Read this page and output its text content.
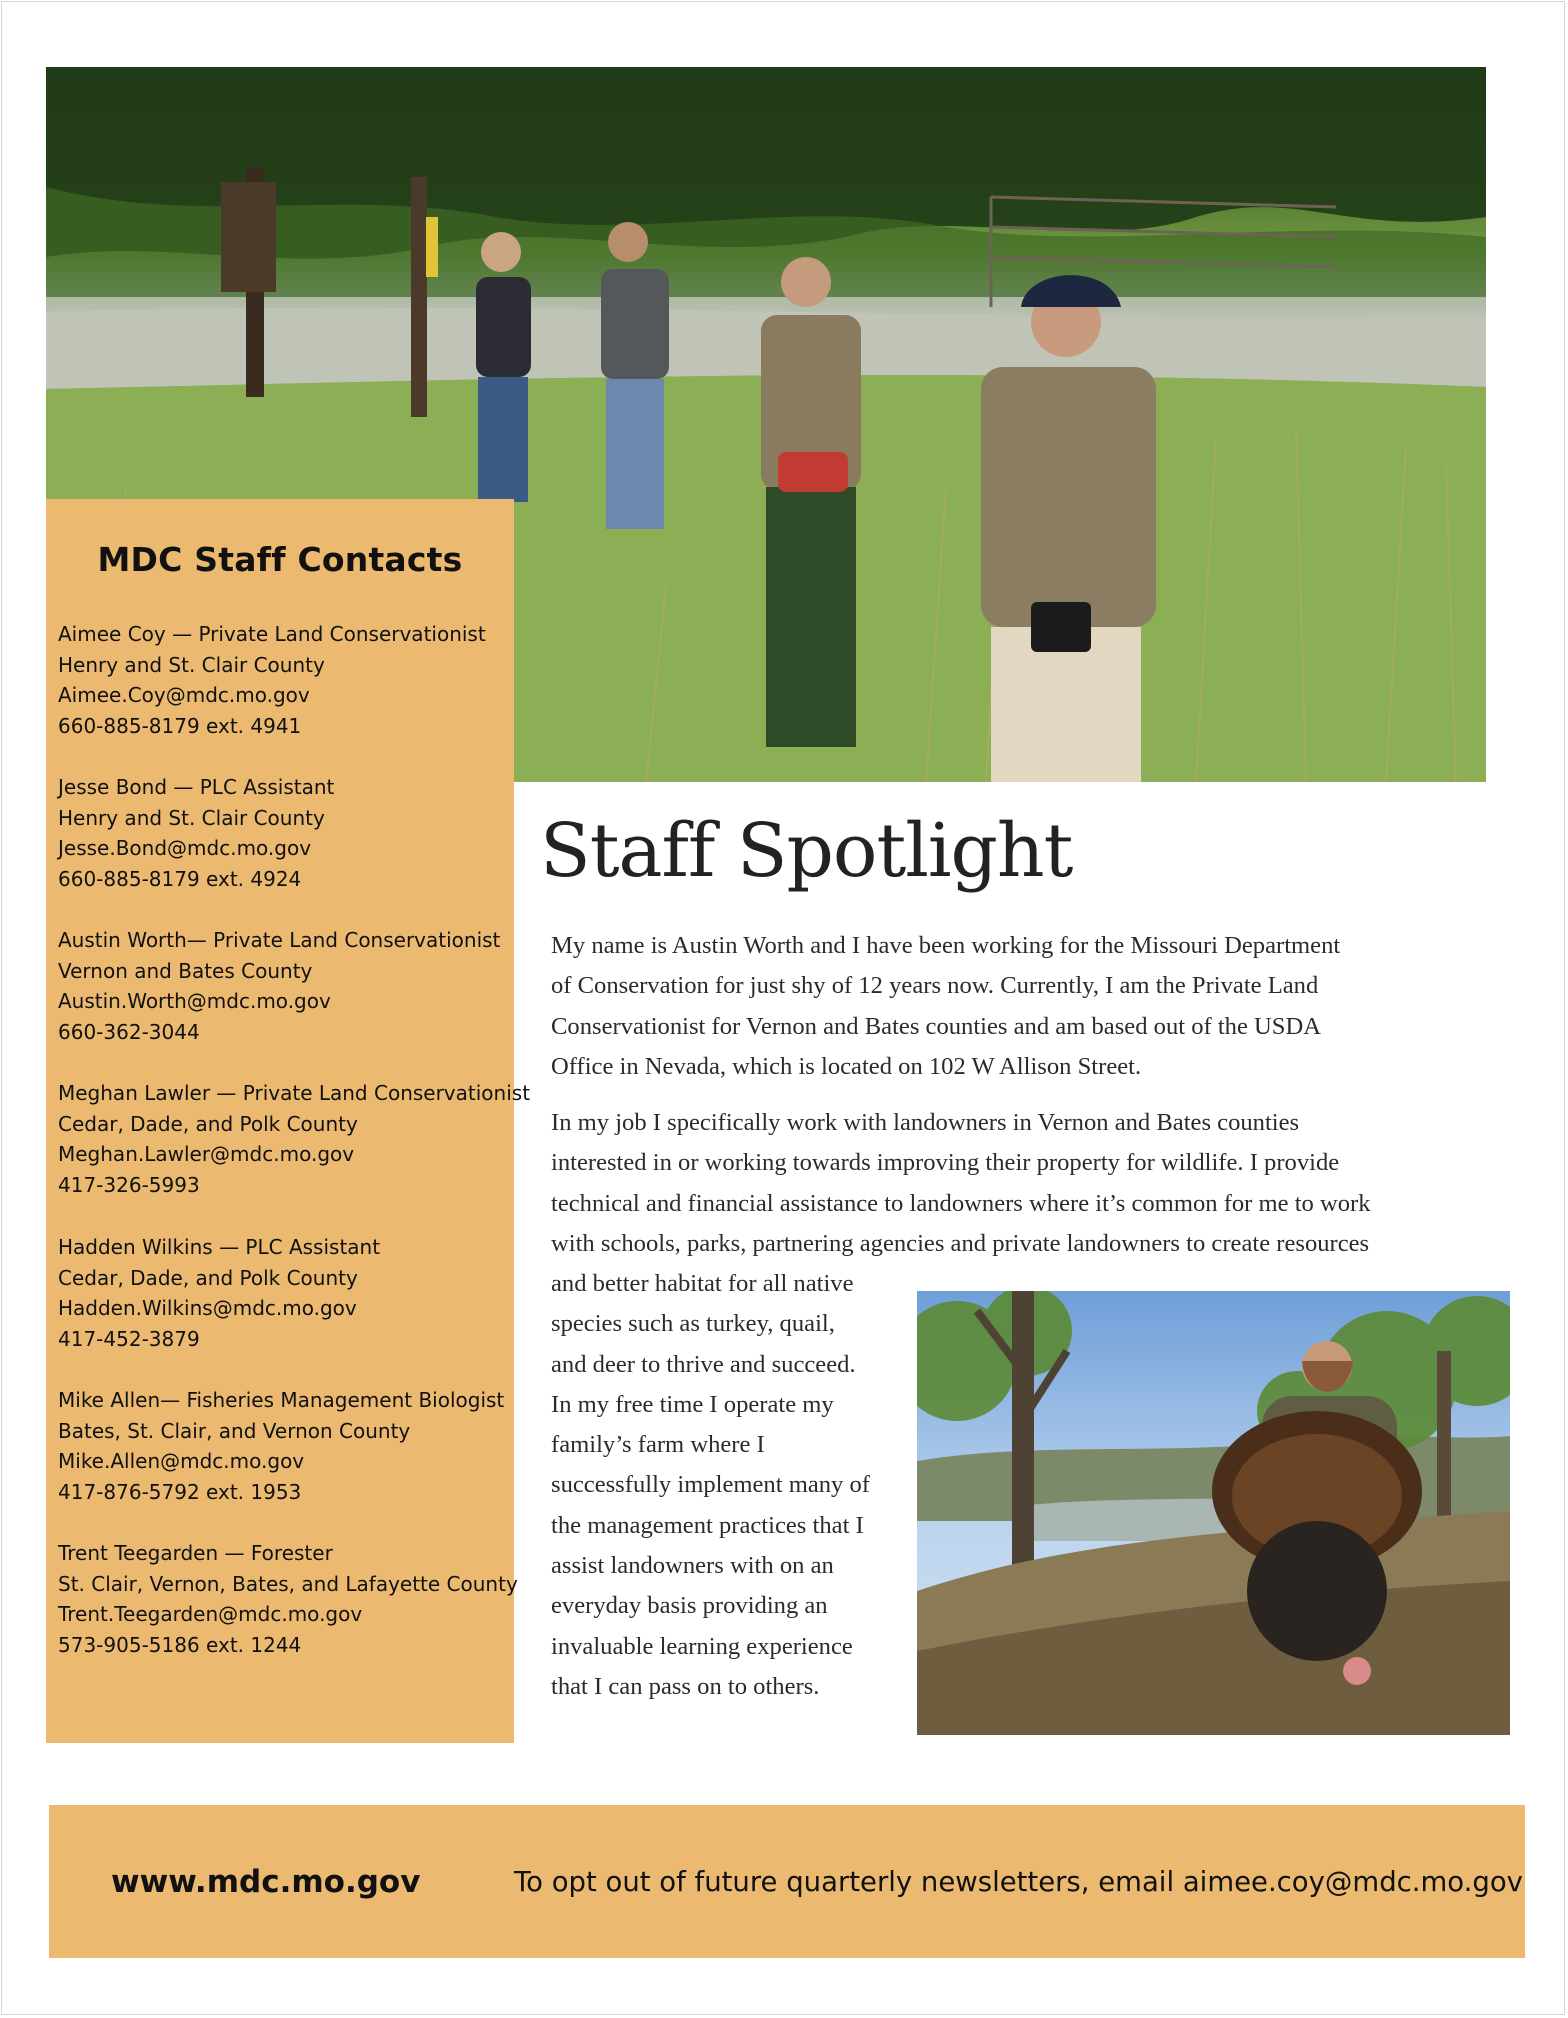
MDC Staff Contacts
Aimee Coy — Private Land Conservationist
Henry and St. Clair County
Aimee.Coy@mdc.mo.gov
660-885-8179 ext. 4941
Jesse Bond — PLC Assistant
Henry and St. Clair County
Jesse.Bond@mdc.mo.gov
660-885-8179 ext. 4924
Austin Worth— Private Land Conservationist
Vernon and Bates County
Austin.Worth@mdc.mo.gov
660-362-3044
Meghan Lawler — Private Land Conservationist
Cedar, Dade, and Polk County
Meghan.Lawler@mdc.mo.gov
417-326-5993
Hadden Wilkins — PLC Assistant
Cedar, Dade, and Polk County
Hadden.Wilkins@mdc.mo.gov
417-452-3879
Mike Allen— Fisheries Management Biologist
Bates, St. Clair, and Vernon County
Mike.Allen@mdc.mo.gov
417-876-5792 ext. 1953
Trent Teegarden — Forester
St. Clair, Vernon, Bates, and Lafayette County
Trent.Teegarden@mdc.mo.gov
573-905-5186 ext. 1244
Staff Spotlight
My name is Austin Worth and I have been working for the Missouri Department
of Conservation for just shy of 12 years now. Currently, I am the Private Land
Conservationist for Vernon and Bates counties and am based out of the USDA
Office in Nevada, which is located on 102 W Allison Street.
In my job I specifically work with landowners in Vernon and Bates counties
interested in or working towards improving their property for wildlife. I provide
technical and financial assistance to landowners where it’s common for me to work
with schools, parks, partnering agencies and private landowners to create resources
and better habitat for all native
species such as turkey, quail,
and deer to thrive and succeed.
In my free time I operate my
family’s farm where I
successfully implement many of
the management practices that I
assist landowners with on an
everyday basis providing an
invaluable learning experience
that I can pass on to others.
www.mdc.mo.gov	To opt out of future quarterly newsletters, email aimee.coy@mdc.mo.gov
